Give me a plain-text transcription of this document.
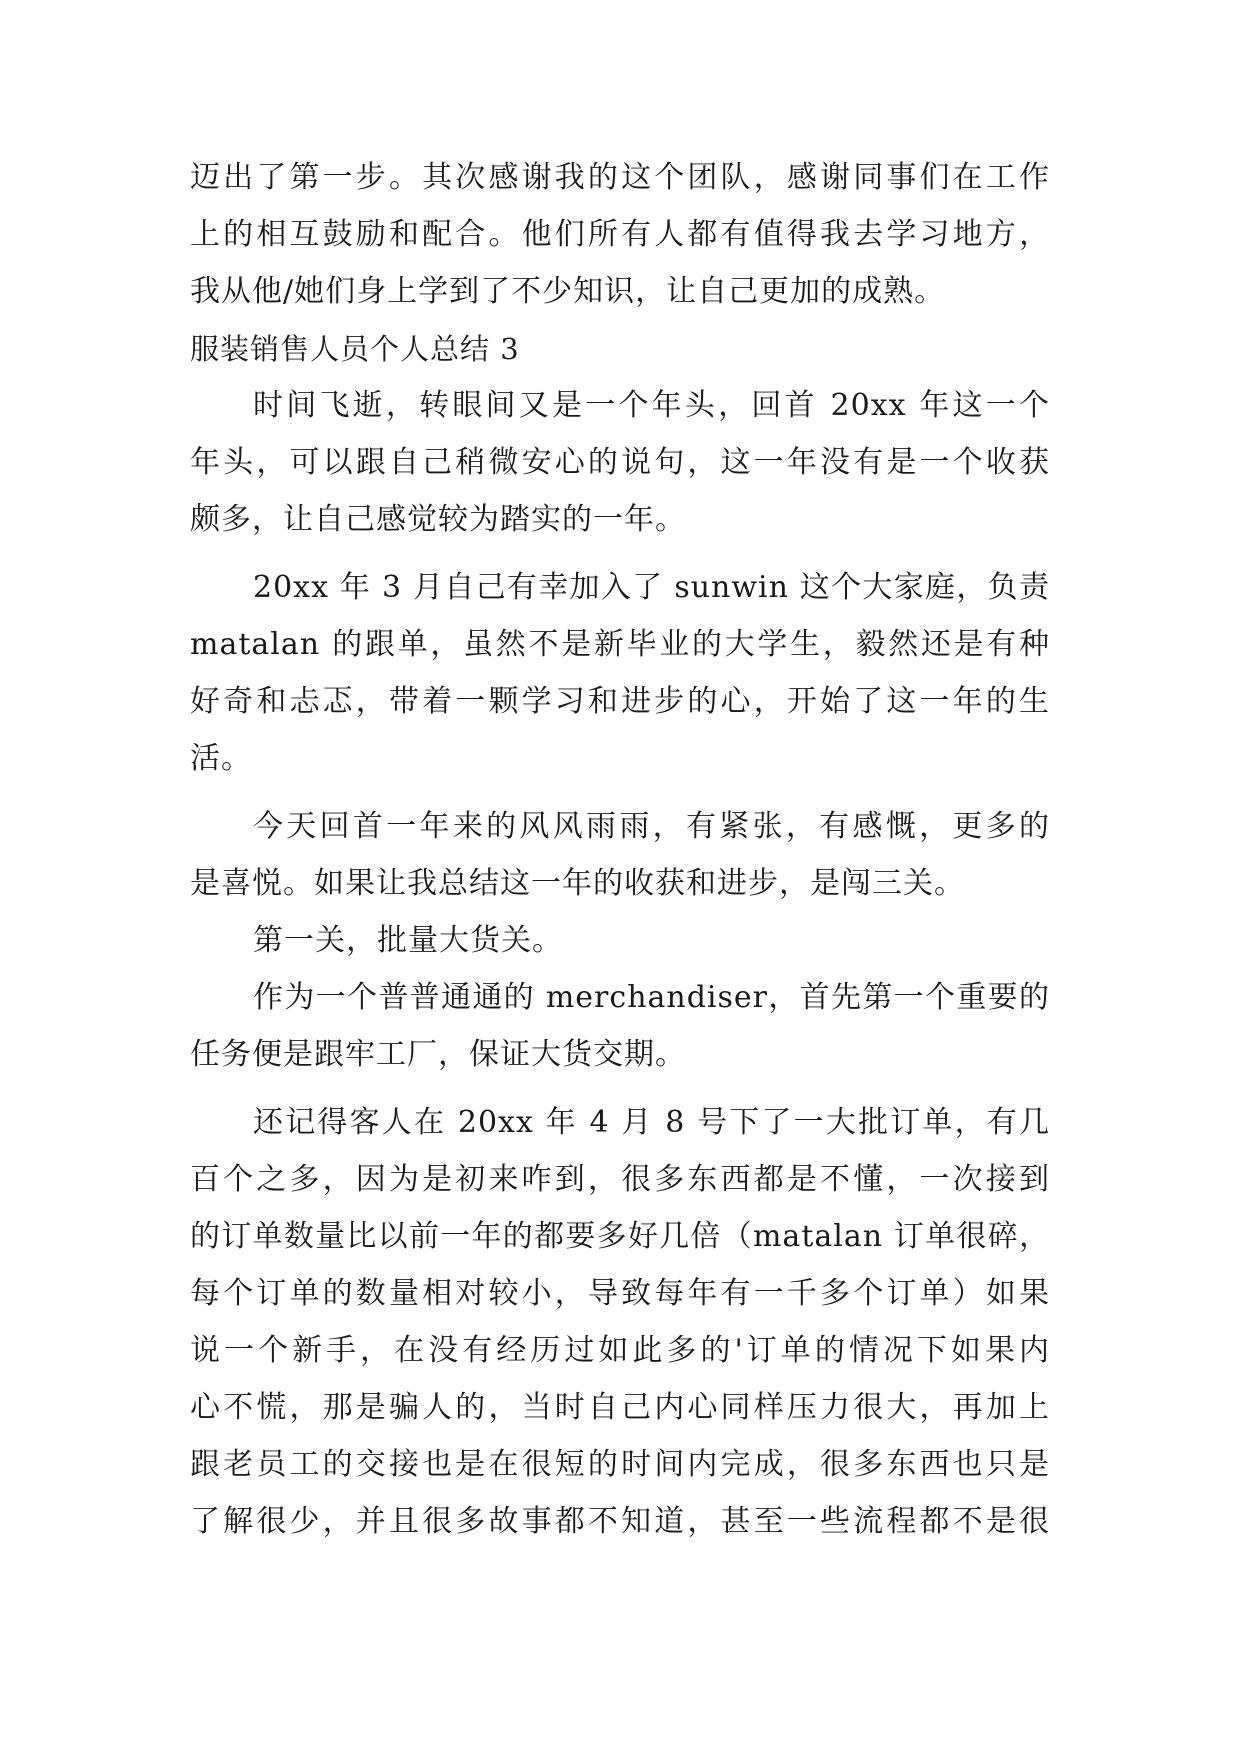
迈出了第一步。其次感谢我的这个团队，感谢同事们在工作
上的相互鼓励和配合。他们所有人都有值得我去学习地方，
我从他/她们身上学到了不少知识，让自己更加的成熟。
服装销售人员个人总结 3
时间飞逝，转眼间又是一个年头，回首 20xx 年这一个
年头，可以跟自己稍微安心的说句，这一年没有是一个收获
颇多，让自己感觉较为踏实的一年。
20xx 年 3 月自己有幸加入了 sunwin 这个大家庭，负责
matalan 的跟单，虽然不是新毕业的大学生，毅然还是有种
好奇和忐忑，带着一颗学习和进步的心，开始了这一年的生
活。
今天回首一年来的风风雨雨，有紧张，有感慨，更多的
是喜悦。如果让我总结这一年的收获和进步，是闯三关。
第一关，批量大货关。
作为一个普普通通的 merchandiser，首先第一个重要的
任务便是跟牢工厂，保证大货交期。
还记得客人在 20xx 年 4 月 8 号下了一大批订单，有几
百个之多，因为是初来咋到，很多东西都是不懂，一次接到
的订单数量比以前一年的都要多好几倍（matalan 订单很碎，
每个订单的数量相对较小，导致每年有一千多个订单）如果
说一个新手，在没有经历过如此多的'订单的情况下如果内
心不慌，那是骗人的，当时自己内心同样压力很大，再加上
跟老员工的交接也是在很短的时间内完成，很多东西也只是
了解很少，并且很多故事都不知道，甚至一些流程都不是很
